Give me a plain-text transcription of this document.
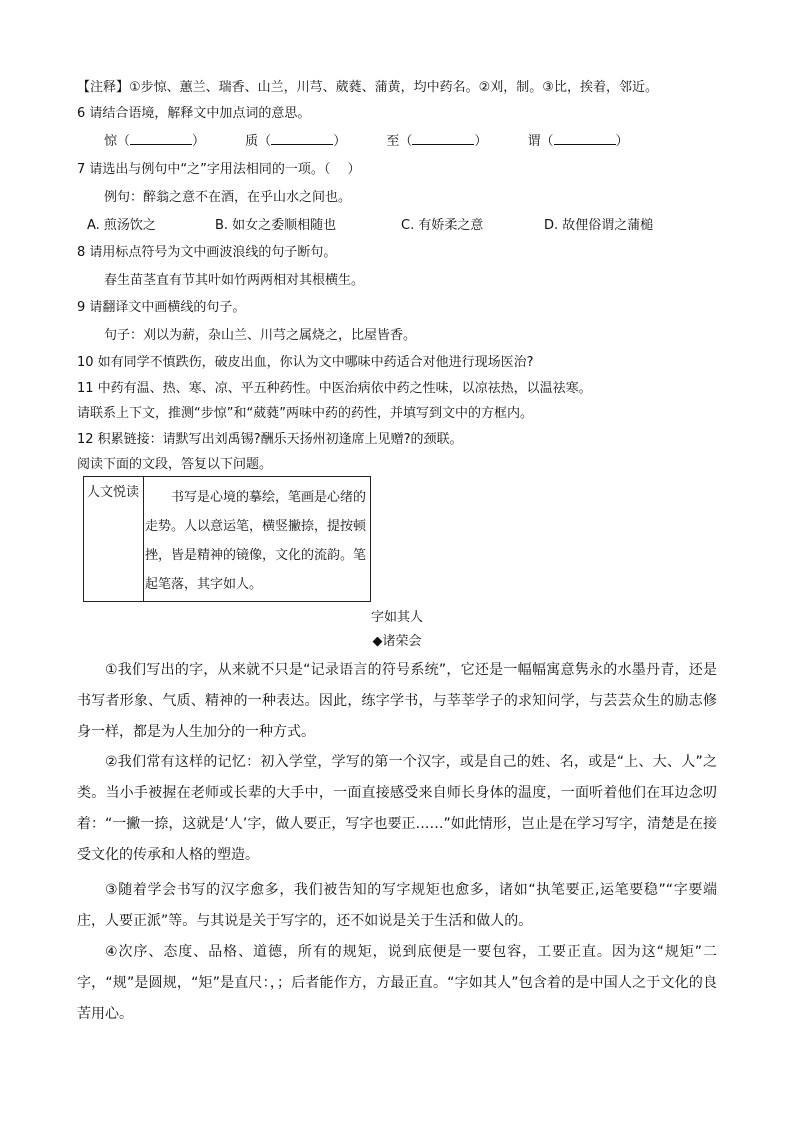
【注释】①步惊、蕙兰、瑞香、山兰，川芎、葳蕤、蒲黄，均中药名。②刈，制。③比，挨着，邻近。
6 请结合语境，解释文中加点词的意思。
惊（	）	质（	）	至（	）	谓（	）
7 请选出与例句中“之”字用法相同的一项。（　 ）
例句：醉翁之意不在酒，在乎山水之间也。
A. 煎汤饮之	B. 如女之委顺相随也	C. 有娇柔之意	D. 故俚俗谓之蒲槌
8 请用标点符号为文中画波浪线的句子断句。
春生苗茎直有节其叶如竹两两相对其根横生。
9 请翻译文中画横线的句子。
句子：刈以为薪，杂山兰、川芎之属烧之，比屋皆香。
10 如有同学不慎跌伤，破皮出血，你认为文中哪味中药适合对他进行现场医治?
11 中药有温、热、寒、凉、平五种药性。中医治病依中药之性味，以凉祛热，以温祛寒。
请联系上下文，推测“步惊”和“葳蕤”两味中药的药性，并填写到文中的方框内。
12 积累链接：请默写出刘禹锡?酬乐天扬州初逢席上见赠?的颈联。
阅读下面的文段，答复以下问题。
人文悦读	书写是心境的摹绘，笔画是心绪的走势。人以意运笔，横竖撇捺，提按顿挫，皆是精神的镜像，文化的流韵。笔起笔落，其字如人。
字如其人
◆诸荣会
①我们写出的字，从来就不只是“记录语言的符号系统”，它还是一幅幅寓意隽永的水墨丹青，还是书写者形象、气质、精神的一种表达。因此，练字学书，与莘莘学子的求知问学，与芸芸众生的励志修身一样，都是为人生加分的一种方式。
②我们常有这样的记忆：初入学堂，学写的第一个汉字，或是自己的姓、名，或是“上、大、人”之类。当小手被握在老师或长辈的大手中，一面直接感受来自师长身体的温度，一面听着他们在耳边念叨着：“一撇一捺，这就是‘人’字，做人要正，写字也要正……”如此情形，岂止是在学习写字，清楚是在接受文化的传承和人格的塑造。
③随着学会书写的汉字愈多，我们被告知的写字规矩也愈多，诸如“执笔要正,运笔要稳”“字要端庄，人要正派”等。与其说是关于写字的，还不如说是关于生活和做人的。
④次序、态度、品格、道德，所有的规矩，说到底便是一要包容，工要正直。因为这“规矩”二字，“规”是圆规，“矩”是直尺：，；后者能作方，方最正直。“字如其人”包含着的是中国人之于文化的良苦用心。
